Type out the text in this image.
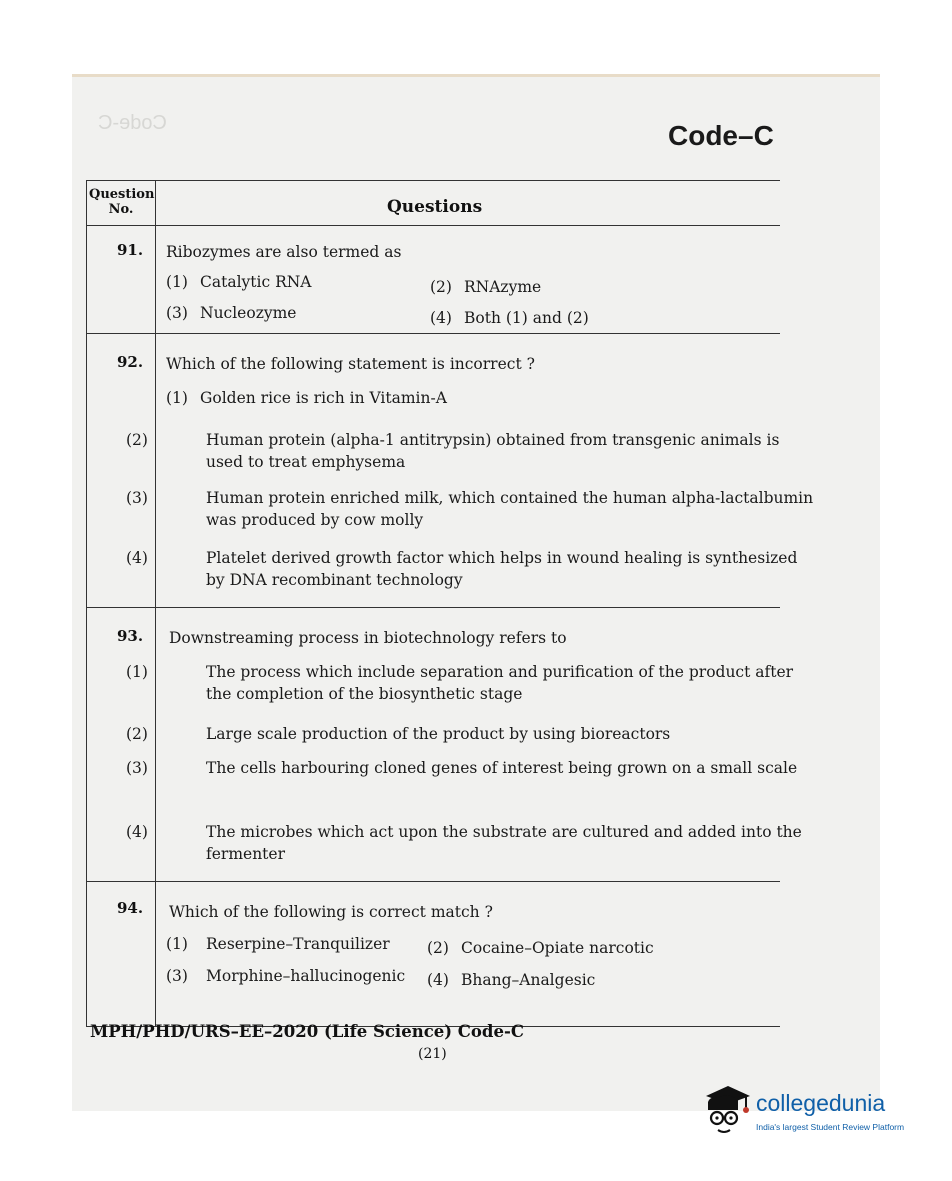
Code-C	Code–C
Question No.	Questions
91. Ribozymes are also termed as
(1) Catalytic RNA	(2) RNAzyme
(3) Nucleozyme	(4) Both (1) and (2)
92. Which of the following statement is incorrect ?
(1) Golden rice is rich in Vitamin-A
(2)	Human protein (alpha-1 antitrypsin) obtained from transgenic animals is used to treat emphysema
(3)	Human protein enriched milk, which contained the human alpha-lactalbumin was produced by cow molly
(4)	Platelet derived growth factor which helps in wound healing is synthesized by DNA recombinant technology
93. Downstreaming process in biotechnology refers to
(1)	The process which include separation and purification of the product after the completion of the biosynthetic stage
(2)	Large scale production of the product by using bioreactors
(3)	The cells harbouring cloned genes of interest being grown on a small scale
(4)	The microbes which act upon the substrate are cultured and added into the fermenter
94. Which of the following is correct match ?
(1) Reserpine–Tranquilizer (2) Cocaine–Opiate narcotic
(3) Morphine–hallucinogenic (4) Bhang–Analgesic
MPH/PHD/URS–EE–2020 (Life Science) Code-C
(21)
collegedunia
India's largest Student Review Platform
